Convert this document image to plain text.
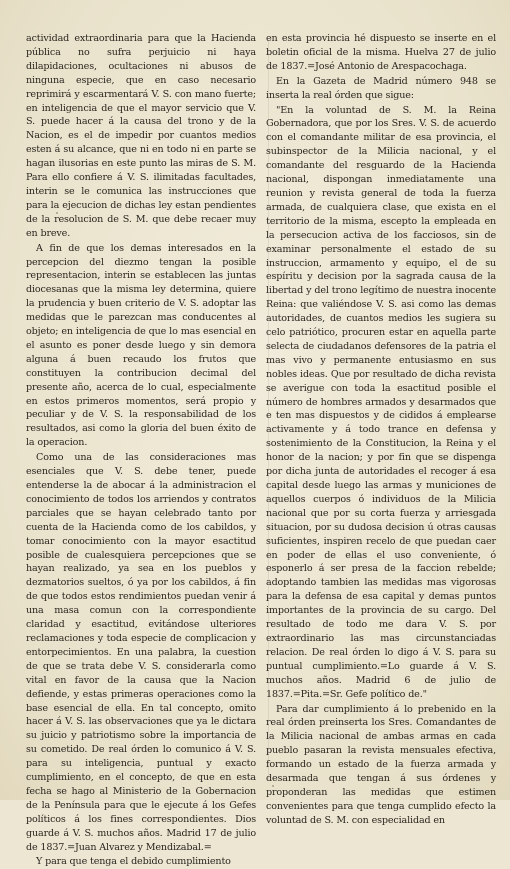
actividad extraordinaria para que la Hacienda pública no sufra perjuicio ni haya dilapidaciones, ocultaciones ni abusos de ninguna especie, que en caso necesario reprimirá y escarmentará V. S. con mano fuerte; en inteligencia de que el mayor servicio que V. S. puede hacer á la causa del trono y de la Nacion, es el de impedir por cuantos medios esten á su alcance, que ni en todo ni en parte se hagan ilusorias en este punto las miras de S. M. Para ello confiere á V. S. ilimitadas facultades, interin se le comunica las instrucciones que para la ejecucion de dichas ley estan pendientes de la resolucion de S. M. que debe recaer muy en breve.

A fin de que los demas interesados en la percepcion del diezmo tengan la posible representacion, interin se establecen las juntas diocesanas que la misma ley determina, quiere la prudencia y buen criterio de V. S. adoptar las medidas que le parezcan mas conducentes al objeto; en inteligencia de que lo mas esencial en el asunto es poner desde luego y sin demora alguna á buen recaudo los frutos que constituyen la contribucion decimal del presente año, acerca de lo cual, especialmente en estos primeros momentos, será propio y peculiar y de V. S. la responsabilidad de los resultados, asi como la gloria del buen éxito de la operacion.

Como una de las consideraciones mas esenciales que V. S. debe tener, puede entenderse la de abocar á la administracion el conocimiento de todos los arriendos y contratos parciales que se hayan celebrado tanto por cuenta de la Hacienda como de los cabildos, y tomar conocimiento con la mayor esactitud posible de cualesquiera percepciones que se hayan realizado, ya sea en los pueblos y dezmatorios sueltos, ó ya por los cabildos, á fin de que todos estos rendimientos puedan venir á una masa comun con la correspondiente claridad y esactitud, evitándose ulteriores reclamaciones y toda especie de complicacion y entorpecimientos. En una palabra, la cuestion de que se trata debe V. S. considerarla como vital en favor de la causa que la Nacion defiende, y estas primeras operaciones como la base esencial de ella. En tal concepto, omito hacer á V. S. las observaciones que ya le dictara su juicio y patriotismo sobre la importancia de su cometido. De real órden lo comunico á V. S. para su inteligencia, puntual y exacto cumplimiento, en el concepto, de que en esta fecha se hago al Ministerio de la Gobernacion de la Península para que le ejecute á los Gefes políticos á los fines correspondientes. Dios guarde á V. S. muchos años. Madrid 17 de julio de 1837.=Juan Alvarez y Mendizabal.=

Y para que tenga el debido cumplimiento

en esta provincia hé dispuesto se inserte en el boletin oficial de la misma. Huelva 27 de julio de 1837.=José Antonio de Arespacochaga.

En la Gazeta de Madrid número 948 se inserta la real órden que sigue:

"En la voluntad de S. M. la Reina Gobernadora, que por los Sres. V. S. de acuerdo con el comandante militar de esa provincia, el subinspector de la Milicia nacional, y el comandante del resguardo de la Hacienda nacional, dispongan inmediatamente una reunion y revista general de toda la fuerza armada, de cualquiera clase, que exista en el territorio de la misma, escepto la empleada en la persecucion activa de los facciosos, sin de examinar personalmente el estado de su instruccion, armamento y equipo, el de su espíritu y decision por la sagrada causa de la libertad y del trono legítimo de nuestra inocente Reina: que valiéndose V. S. asi como las demas autoridades, de cuantos medios les sugiera su celo patriótico, procuren estar en aquella parte selecta de ciudadanos defensores de la patria el mas vivo y permanente entusiasmo en sus nobles ideas. Que por resultado de dicha revista se averigue con toda la esactitud posible el número de hombres armados y desarmados que e ten mas dispuestos y de cididos á emplearse activamente y á todo trance en defensa y sostenimiento de la Constitucion, la Reina y el honor de la nacion; y por fin que se dispenga por dicha junta de autoridades el recoger á esa capital desde luego las armas y municiones de aquellos cuerpos ó individuos de la Milicia nacional que por su corta fuerza y arriesgada situacion, por su dudosa decision ú otras causas suficientes, inspiren recelo de que puedan caer en poder de ellas el uso conveniente, ó esponerlo á ser presa de la faccion rebelde; adoptando tambien las medidas mas vigorosas para la defensa de esa capital y demas puntos importantes de la provincia de su cargo. Del resultado de todo me dara V. S. por extraordinario las mas circunstanciadas relacion. De real órden lo digo á V. S. para su puntual cumplimiento.=Lo guarde á V. S. muchos años. Madrid 6 de julio de 1837.=Pita.=Sr. Gefe político de."

Para dar cumplimiento á lo prebenido en la real órden preinserta los Sres. Comandantes de la Milicia nacional de ambas armas en cada pueblo pasaran la revista mensuales efectiva, formando un estado de la fuerza armada y desarmada que tengan á sus órdenes y proponderan las medidas que estimen convenientes para que tenga cumplido efecto la voluntad de S. M. con especialidad en
